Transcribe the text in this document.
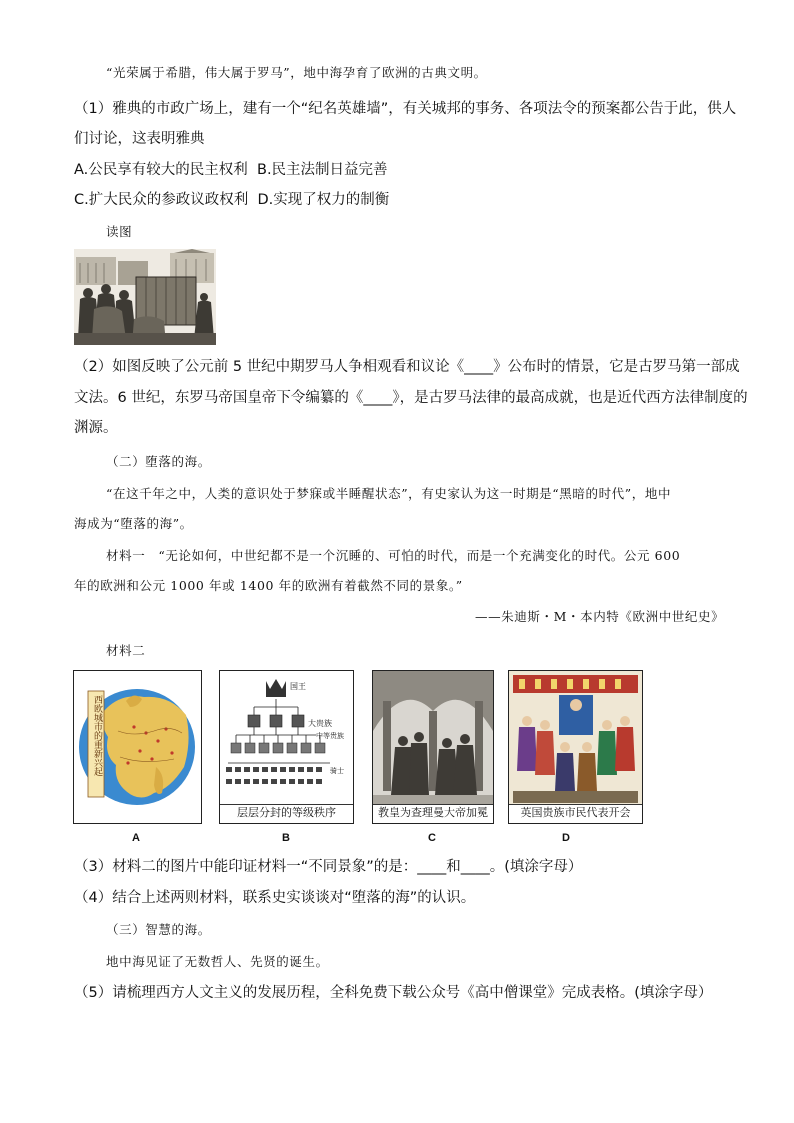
“光荣属于希腊，伟大属于罗马”，地中海孕育了欧洲的古典文明。
（1）雅典的市政广场上，建有一个“纪名英雄墙”，有关城邦的事务、各项法令的预案都公告于此，供人
们讨论，这表明雅典
A.公民享有较大的民主权利 B.民主法制日益完善
C.扩大民众的参政议政权利 D.实现了权力的制衡
读图
（2）如图反映了公元前 5 世纪中期罗马人争相观看和议论《____》公布时的情景，它是古罗马第一部成
文法。6 世纪，东罗马帝国皇帝下令编纂的《____》，是古罗马法律的最高成就，也是近代西方法律制度的
渊源。
（二）堕落的海。
“在这千年之中，人类的意识处于梦寐或半睡醒状态”，有史家认为这一时期是“黑暗的时代”，地中
海成为“堕落的海”。
材料一　“无论如何，中世纪都不是一个沉睡的、可怕的时代，而是一个充满变化的时代。公元 600
年的欧洲和公元 1000 年或 1400 年的欧洲有着截然不同的景象。”
——朱迪斯・M・本内特《欧洲中世纪史》
材料二
西欧城市的重新兴起
A
国王
大贵族
中等贵族
骑士
层层分封的等级秩序
B
教皇为查理曼大帝加冕
C
英国贵族市民代表开会
D
（3）材料二的图片中能印证材料一“不同景象”的是：____和____。(填涂字母）
（4）结合上述两则材料，联系史实谈谈对“堕落的海”的认识。
（三）智慧的海。
地中海见证了无数哲人、先贤的诞生。
（5）请梳理西方人文主义的发展历程，全科免费下载公众号《高中僧课堂》完成表格。(填涂字母）
